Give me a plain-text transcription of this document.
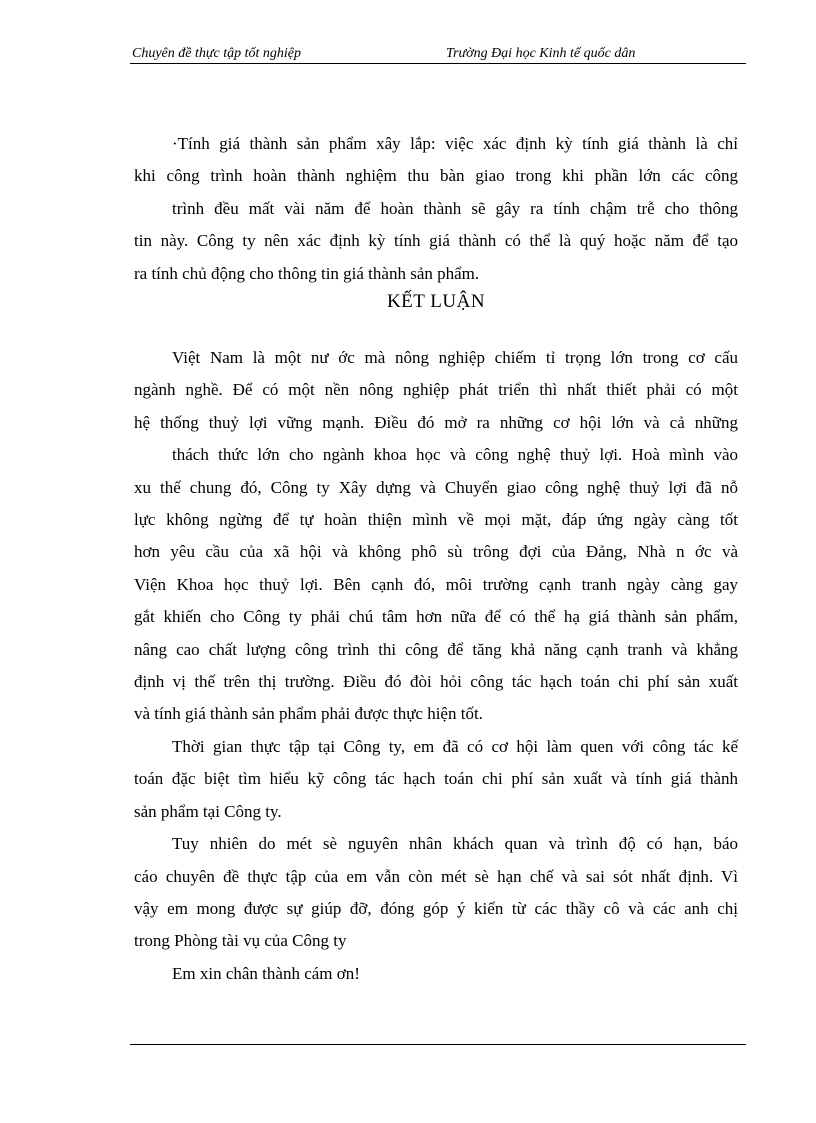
Chuyên đề thực tập tốt nghiệp	Trường Đại học Kinh tế quốc dân
·Tính giá thành sản phẩm xây lắp: việc xác định kỳ tính giá thành là chỉ
khi công trình hoàn thành nghiệm thu bàn giao trong khi phần lớn các công
trình đều mất vài năm để hoàn thành sẽ gây ra tính chậm trễ cho thông
tin này. Công ty nên xác định kỳ tính giá thành có thể là quý hoặc năm để tạo
ra tính chủ động cho thông tin giá thành sản phẩm.
KẾT LUẬN
Việt Nam là một nư ớc mà nông nghiệp chiếm tỉ trọng lớn trong cơ cấu
ngành nghề. Để có một nền nông nghiệp phát triển thì nhất thiết phải có một
hệ thống thuỷ lợi vững mạnh. Điều đó mở ra những cơ hội lớn và cả những
thách thức lớn cho ngành khoa học và công nghệ thuỷ lợi. Hoà mình vào
xu thế chung đó, Công ty Xây dựng và Chuyển giao công nghệ thuỷ lợi đã nỗ
lực không ngừng để tự hoàn thiện mình về mọi mặt, đáp ứng ngày càng tốt
hơn yêu cầu của xã hội và không phô sù trông đợi của Đảng, Nhà n ớc và
Viện Khoa học thuỷ lợi. Bên cạnh đó, môi trường cạnh tranh ngày càng gay
gắt khiến cho Công ty phải chú tâm hơn nữa để có thể hạ giá thành sản phẩm,
nâng cao chất lượng công trình thi công để tăng khả năng cạnh tranh và khẳng
định vị thế trên thị trường. Điều đó đòi hỏi công tác hạch toán chi phí sản xuất
và tính giá thành sản phẩm phải được thực hiện tốt.
Thời gian thực tập tại Công ty, em đã có cơ hội làm quen với công tác kế
toán đặc biệt tìm hiểu kỹ công tác hạch toán chi phí sản xuất và tính giá thành
sản phẩm tại Công ty.
Tuy nhiên do mét sè nguyên nhân khách quan và trình độ có hạn, báo
cáo chuyên đề thực tập của em vẫn còn mét sè hạn chế và sai sót nhất định. Vì
vậy em mong được sự giúp đỡ, đóng góp ý kiến từ các thầy cô và các anh chị
trong Phòng tài vụ của Công ty
Em xin chân thành cám ơn!
